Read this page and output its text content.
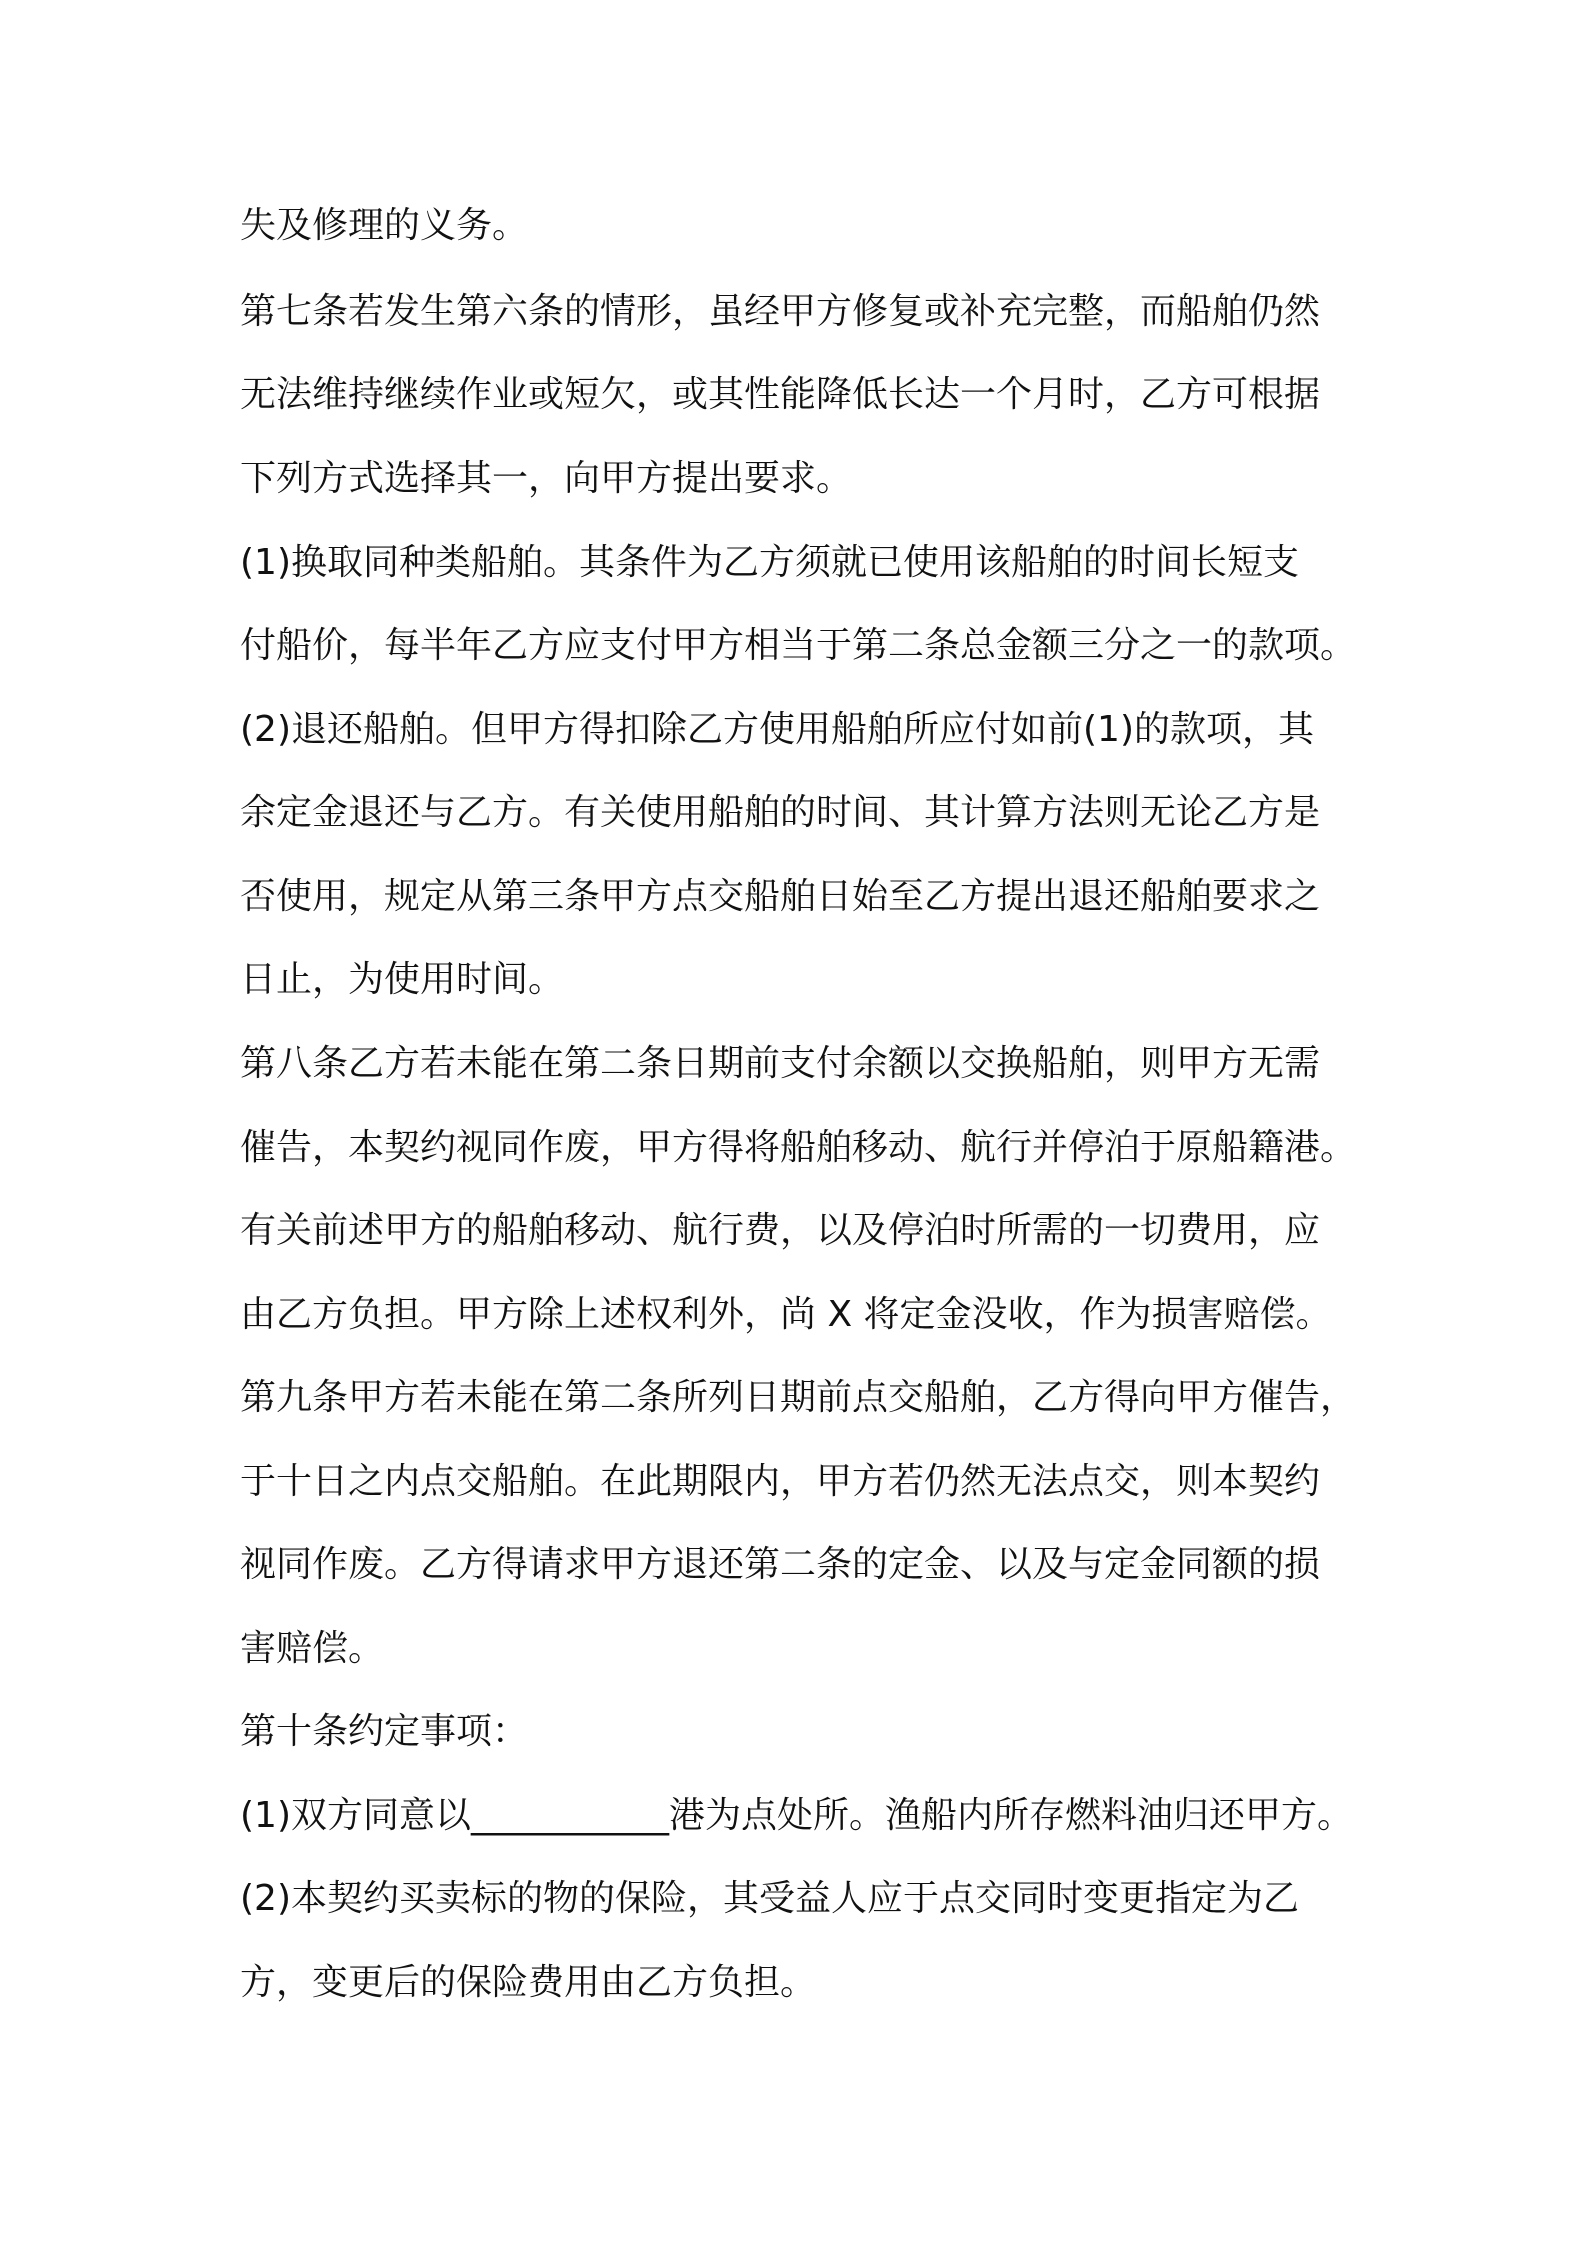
失及修理的义务。
第七条若发生第六条的情形，虽经甲方修复或补充完整，而船舶仍然
无法维持继续作业或短欠，或其性能降低长达一个月时，乙方可根据
下列方式选择其一，向甲方提出要求。
(1)换取同种类船舶。其条件为乙方须就已使用该船舶的时间长短支
付船价，每半年乙方应支付甲方相当于第二条总金额三分之一的款项。
(2)退还船舶。但甲方得扣除乙方使用船舶所应付如前(1)的款项，其
余定金退还与乙方。有关使用船舶的时间、其计算方法则无论乙方是
否使用，规定从第三条甲方点交船舶日始至乙方提出退还船舶要求之
日止，为使用时间。
第八条乙方若未能在第二条日期前支付余额以交换船舶，则甲方无需
催告，本契约视同作废，甲方得将船舶移动、航行并停泊于原船籍港。
有关前述甲方的船舶移动、航行费，以及停泊时所需的一切费用，应
由乙方负担。甲方除上述权利外，尚 X 将定金没收，作为损害赔偿。
第九条甲方若未能在第二条所列日期前点交船舶，乙方得向甲方催告，
于十日之内点交船舶。在此期限内，甲方若仍然无法点交，则本契约
视同作废。乙方得请求甲方退还第二条的定金、以及与定金同额的损
害赔偿。
第十条约定事项：
(1)双方同意以___________港为点处所。渔船内所存燃料油归还甲方。
(2)本契约买卖标的物的保险，其受益人应于点交同时变更指定为乙
方，变更后的保险费用由乙方负担。
